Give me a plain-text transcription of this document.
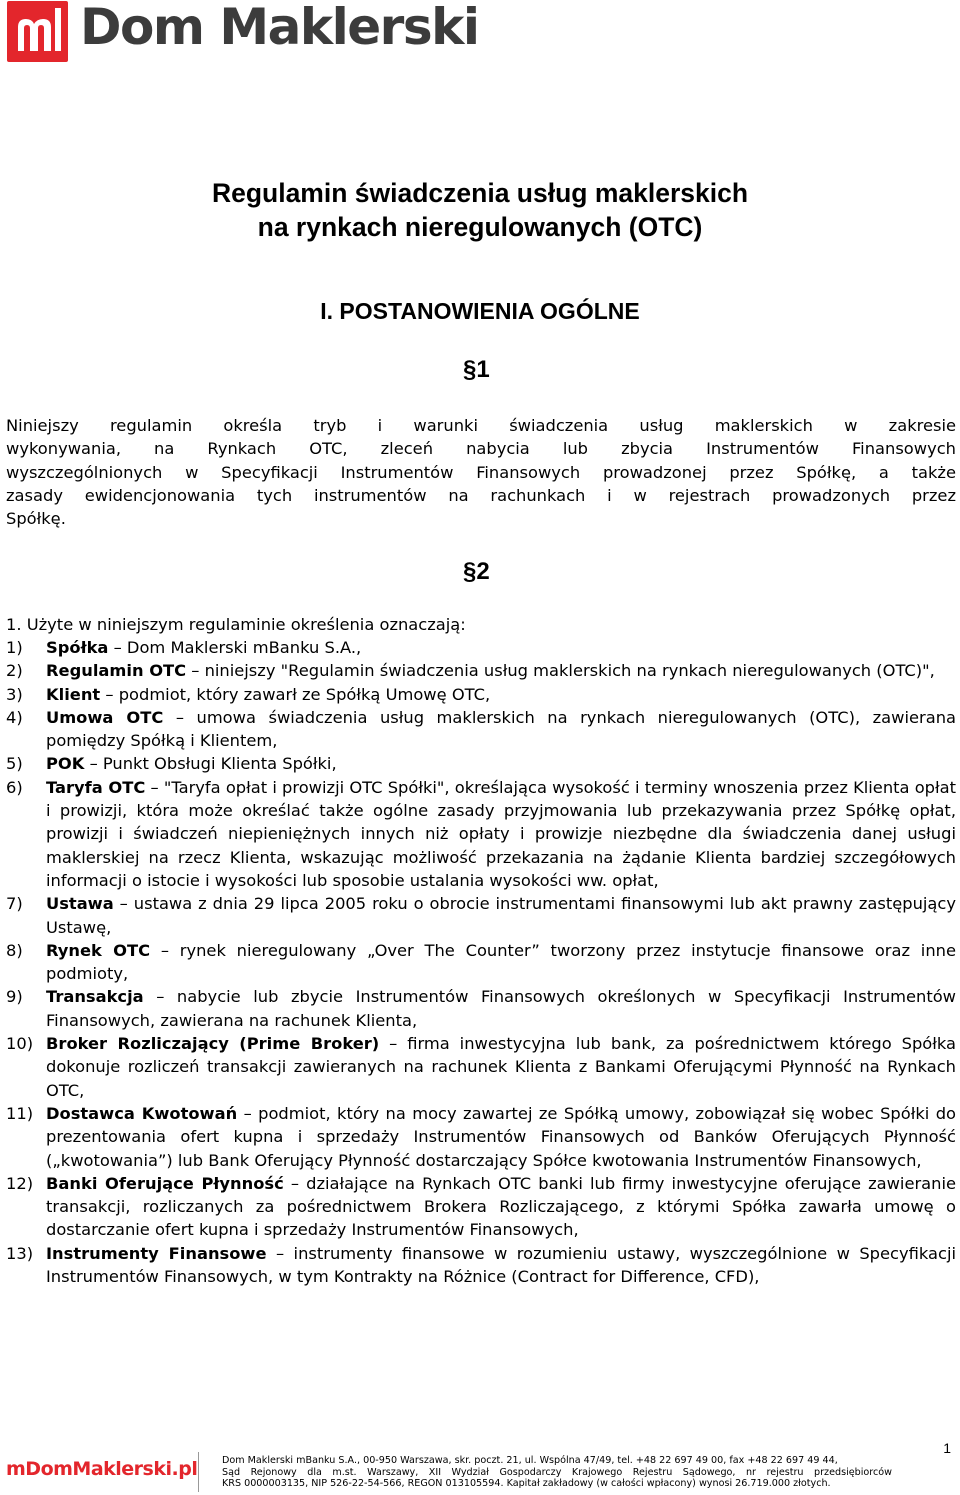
Dom Maklerski
Regulamin świadczenia usług maklerskich
na rynkach nieregulowanych (OTC)
I. POSTANOWIENIA OGÓLNE
§1
Niniejszy regulamin określa tryb i warunki świadczenia usług maklerskich w zakresie
wykonywania, na Rynkach OTC, zleceń nabycia lub zbycia Instrumentów Finansowych
wyszczególnionych w Specyfikacji Instrumentów Finansowych prowadzonej przez Spółkę, a także
zasady ewidencjonowania tych instrumentów na rachunkach i w rejestrach prowadzonych przez
Spółkę.
§2
1. Użyte w niniejszym regulaminie określenia oznaczają:
1) Spółka – Dom Maklerski mBanku S.A.,
2) Regulamin OTC – niniejszy "Regulamin świadczenia usług maklerskich na rynkach nieregulowanych (OTC)",
3) Klient – podmiot, który zawarł ze Spółką Umowę OTC,
4) Umowa OTC – umowa świadczenia usług maklerskich na rynkach nieregulowanych (OTC), zawierana pomiędzy Spółką i Klientem,
5) POK – Punkt Obsługi Klienta Spółki,
6) Taryfa OTC – "Taryfa opłat i prowizji OTC Spółki", określająca wysokość i terminy wnoszenia przez Klienta opłat i prowizji, która może określać także ogólne zasady przyjmowania lub przekazywania przez Spółkę opłat, prowizji i świadczeń niepieniężnych innych niż opłaty i prowizje niezbędne dla świadczenia danej usługi maklerskiej na rzecz Klienta, wskazując możliwość przekazania na żądanie Klienta bardziej szczegółowych informacji o istocie i wysokości lub sposobie ustalania wysokości ww. opłat,
7) Ustawa – ustawa z dnia 29 lipca 2005 roku o obrocie instrumentami finansowymi lub akt prawny zastępujący Ustawę,
8) Rynek OTC – rynek nieregulowany „Over The Counter” tworzony przez instytucje finansowe oraz inne podmioty,
9) Transakcja – nabycie lub zbycie Instrumentów Finansowych określonych w Specyfikacji Instrumentów Finansowych, zawierana na rachunek Klienta,
10) Broker Rozliczający (Prime Broker) – firma inwestycyjna lub bank, za pośrednictwem którego Spółka dokonuje rozliczeń transakcji zawieranych na rachunek Klienta z Bankami Oferującymi Płynność na Rynkach OTC,
11) Dostawca Kwotowań – podmiot, który na mocy zawartej ze Spółką umowy, zobowiązał się wobec Spółki do prezentowania ofert kupna i sprzedaży Instrumentów Finansowych od Banków Oferujących Płynność („kwotowania”) lub Bank Oferujący Płynność dostarczający Spółce kwotowania Instrumentów Finansowych,
12) Banki Oferujące Płynność – działające na Rynkach OTC banki lub firmy inwestycyjne oferujące zawieranie transakcji, rozliczanych za pośrednictwem Brokera Rozliczającego, z którymi Spółka zawarła umowę o dostarczanie ofert kupna i sprzedaży Instrumentów Finansowych,
13) Instrumenty Finansowe – instrumenty finansowe w rozumieniu ustawy, wyszczególnione w Specyfikacji Instrumentów Finansowych, w tym Kontrakty na Różnice (Contract for Difference, CFD),
1
mDomMaklerski.pl	Dom Maklerski mBanku S.A., 00-950 Warszawa, skr. poczt. 21, ul. Wspólna 47/49, tel. +48 22 697 49 00, fax +48 22 697 49 44,
Sąd Rejonowy dla m.st. Warszawy, XII Wydział Gospodarczy Krajowego Rejestru Sądowego, nr rejestru przedsiębiorców
KRS 0000003135, NIP 526-22-54-566, REGON 013105594. Kapitał zakładowy (w całości wpłacony) wynosi 26.719.000 złotych.
